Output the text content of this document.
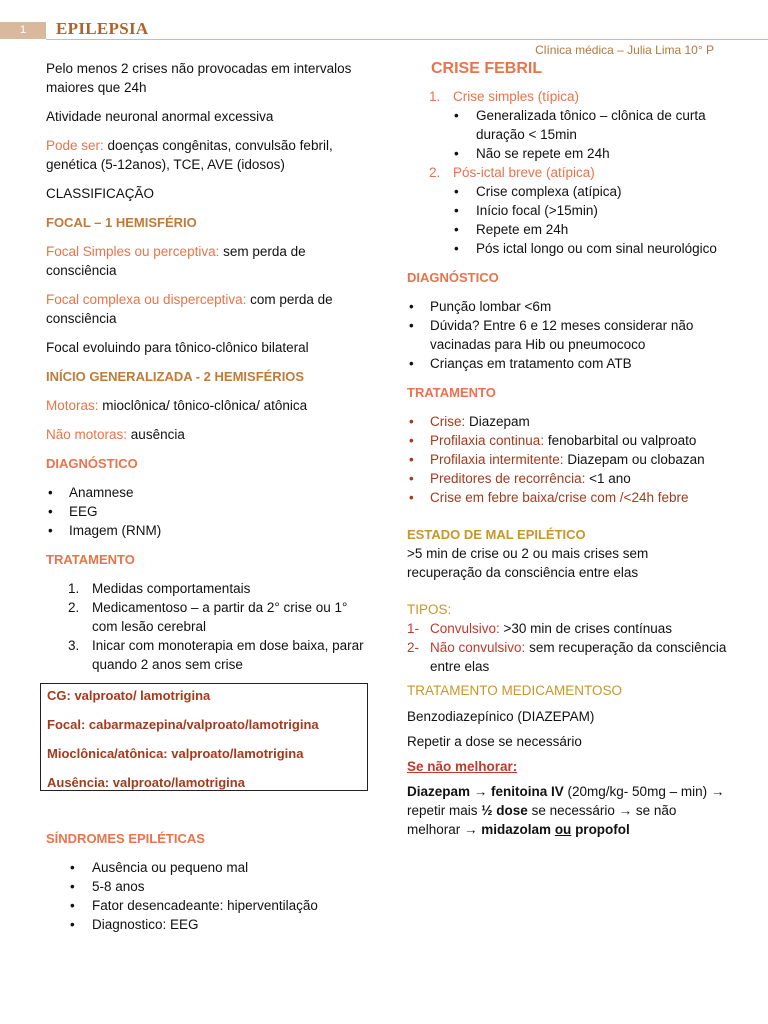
1	EPILEPSIA
Clínica médica – Julia Lima 10° P

Pelo menos 2 crises não provocadas em intervalos maiores que 24h

Atividade neuronal anormal excessiva

Pode ser: doenças congênitas, convulsão febril, genética (5-12anos), TCE, AVE (idosos)

CLASSIFICAÇÃO

FOCAL – 1 HEMISFÉRIO

Focal Simples ou perceptiva: sem perda de consciência

Focal complexa ou disperceptiva: com perda de consciência

Focal evoluindo para tônico-clônico bilateral

INÍCIO GENERALIZADA - 2 HEMISFÉRIOS

Motoras: mioclônica/ tônico-clônica/ atônica

Não motoras: ausência

DIAGNÓSTICO
• Anamnese
• EEG
• Imagem (RNM)
TRATAMENTO
1. Medidas comportamentais
2. Medicamentoso – a partir da 2° crise ou 1° com lesão cerebral
3. Inicar com monoterapia em dose baixa, parar quando 2 anos sem crise

CG: valproato/ lamotrigina

Focal: cabarmazepina/valproato/lamotrigina

Mioclônica/atônica: valproato/lamotrigina

Ausência: valproato/lamotrigina

SÍNDROMES EPILÉTICAS
• Ausência ou pequeno mal
• 5-8 anos
• Fator desencadeante: hiperventilação
• Diagnostico: EEG
CRISE FEBRIL
1. Crise simples (típica)
• Generalizada tônico – clônica de curta duração < 15min
• Não se repete em 24h
2. Pós-ictal breve (atípica)
• Crise complexa (atípica)
• Início focal (>15min)
• Repete em 24h
• Pós ictal longo ou com sinal neurológico
DIAGNÓSTICO
• Punção lombar <6m
• Dúvida? Entre 6 e 12 meses considerar não vacinadas para Hib ou pneumococo
• Crianças em tratamento com ATB
TRATAMENTO
• Crise: Diazepam
• Profilaxia continua: fenobarbital ou valproato
• Profilaxia intermitente: Diazepam ou clobazan
• Preditores de recorrência: <1 ano
• Crise em febre baixa/crise com /<24h febre
ESTADO DE MAL EPILÉTICO

>5 min de crise ou 2 ou mais crises sem recuperação da consciência entre elas

TIPOS:
1- Convulsivo: >30 min de crises contínuas
2- Não convulsivo: sem recuperação da consciência entre elas
TRATAMENTO MEDICAMENTOSO

Benzodiazepínico (DIAZEPAM)

Repetir a dose se necessário

Se não melhorar:

Diazepam → fenitoina IV (20mg/kg- 50mg – min) → repetir mais ½ dose se necessário → se não melhorar → midazolam ou propofol
